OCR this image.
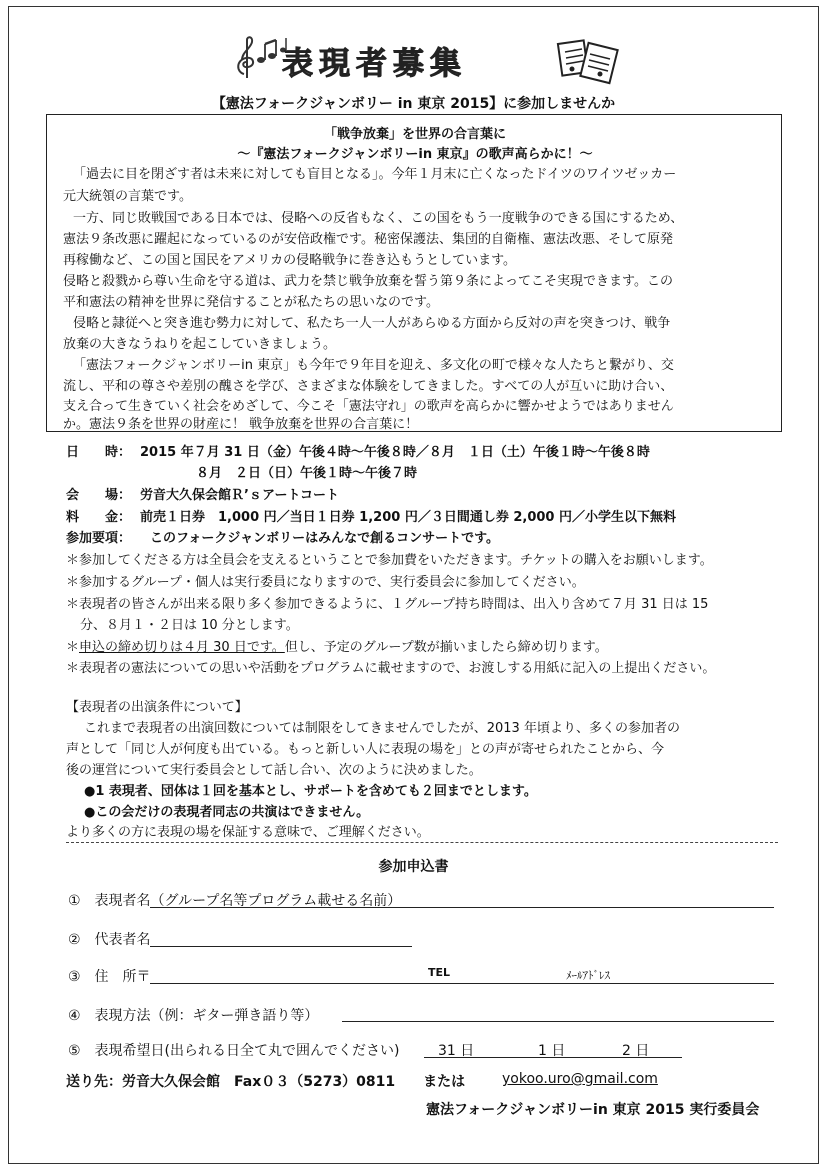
表現者募集
【憲法フォークジャンボリー in 東京 2015】に参加しませんか
「戦争放棄」を世界の合言葉に
～『憲法フォークジャンボリーin 東京』の歌声高らかに！～
「過去に目を閉ざす者は未来に対しても盲目となる」。今年１月末に亡くなったドイツのワイツゼッカー
元大統領の言葉です。
一方、同じ敗戦国である日本では、侵略への反省もなく、この国をもう一度戦争のできる国にするため、
憲法９条改悪に躍起になっているのが安倍政権です。秘密保護法、集団的自衛権、憲法改悪、そして原発
再稼働など、この国と国民をアメリカの侵略戦争に巻き込もうとしています。
侵略と殺戮から尊い生命を守る道は、武力を禁じ戦争放棄を誓う第９条によってこそ実現できます。この
平和憲法の精神を世界に発信することが私たちの思いなのです。
侵略と隷従へと突き進む勢力に対して、私たち一人一人があらゆる方面から反対の声を突きつけ、戦争
放棄の大きなうねりを起こしていきましょう。
「憲法フォークジャンボリーin 東京」も今年で９年目を迎え、多文化の町で様々な人たちと繋がり、交
流し、平和の尊さや差別の醜さを学び、さまざまな体験をしてきました。すべての人が互いに助け合い、
支え合って生きていく社会をめざして、今こそ「憲法守れ」の歌声を高らかに響かせようではありません
か。憲法９条を世界の財産に！ 戦争放棄を世界の合言葉に！
日　　時： 2015 年７月 31 日（金）午後４時～午後８時／８月　１日（土）午後１時～午後８時
８月　２日（日）午後１時～午後７時
会　　場： 労音大久保会館Ｒ’ｓアートコート
料　　金： 前売１日券　1,000 円／当日１日券 1,200 円／３日間通し券 2,000 円／小学生以下無料
参加要項： このフォークジャンボリーはみんなで創るコンサートです。
＊参加してくださる方は全員会を支えるということで参加費をいただきます。チケットの購入をお願いします。
＊参加するグループ・個人は実行委員になりますので、実行委員会に参加してください。
＊表現者の皆さんが出来る限り多く参加できるように、１グループ持ち時間は、出入り含めて７月 31 日は 15
分、８月１・２日は 10 分とします。
＊申込の締め切りは４月 30 日です。但し、予定のグループ数が揃いましたら締め切ります。
＊表現者の憲法についての思いや活動をプログラムに載せますので、お渡しする用紙に記入の上提出ください。
【表現者の出演条件について】
これまで表現者の出演回数については制限をしてきませんでしたが、2013 年頃より、多くの参加者の
声として「同じ人が何度も出ている。もっと新しい人に表現の場を」との声が寄せられたことから、今
後の運営について実行委員会として話し合い、次のように決めました。
●1 表現者、団体は１回を基本とし、サポートを含めても２回までとします。
●この会だけの表現者同志の共演はできません。
より多くの方に表現の場を保証する意味で、ご理解ください。
参加申込書
①　表現者名（グループ名等プログラム載せる名前）
②　代表者名
③　住　所〒	TEL	ﾒｰﾙｱﾄﾞﾚｽ
④　表現方法（例：ギター弾き語り等）
⑤　表現希望日(出られる日全て丸で囲んでください)	31 日	1 日	2 日
送り先：労音大久保会館　Fax０３（5273）0811　　または	yokoo.uro@gmail.com
憲法フォークジャンボリーin 東京 2015 実行委員会
